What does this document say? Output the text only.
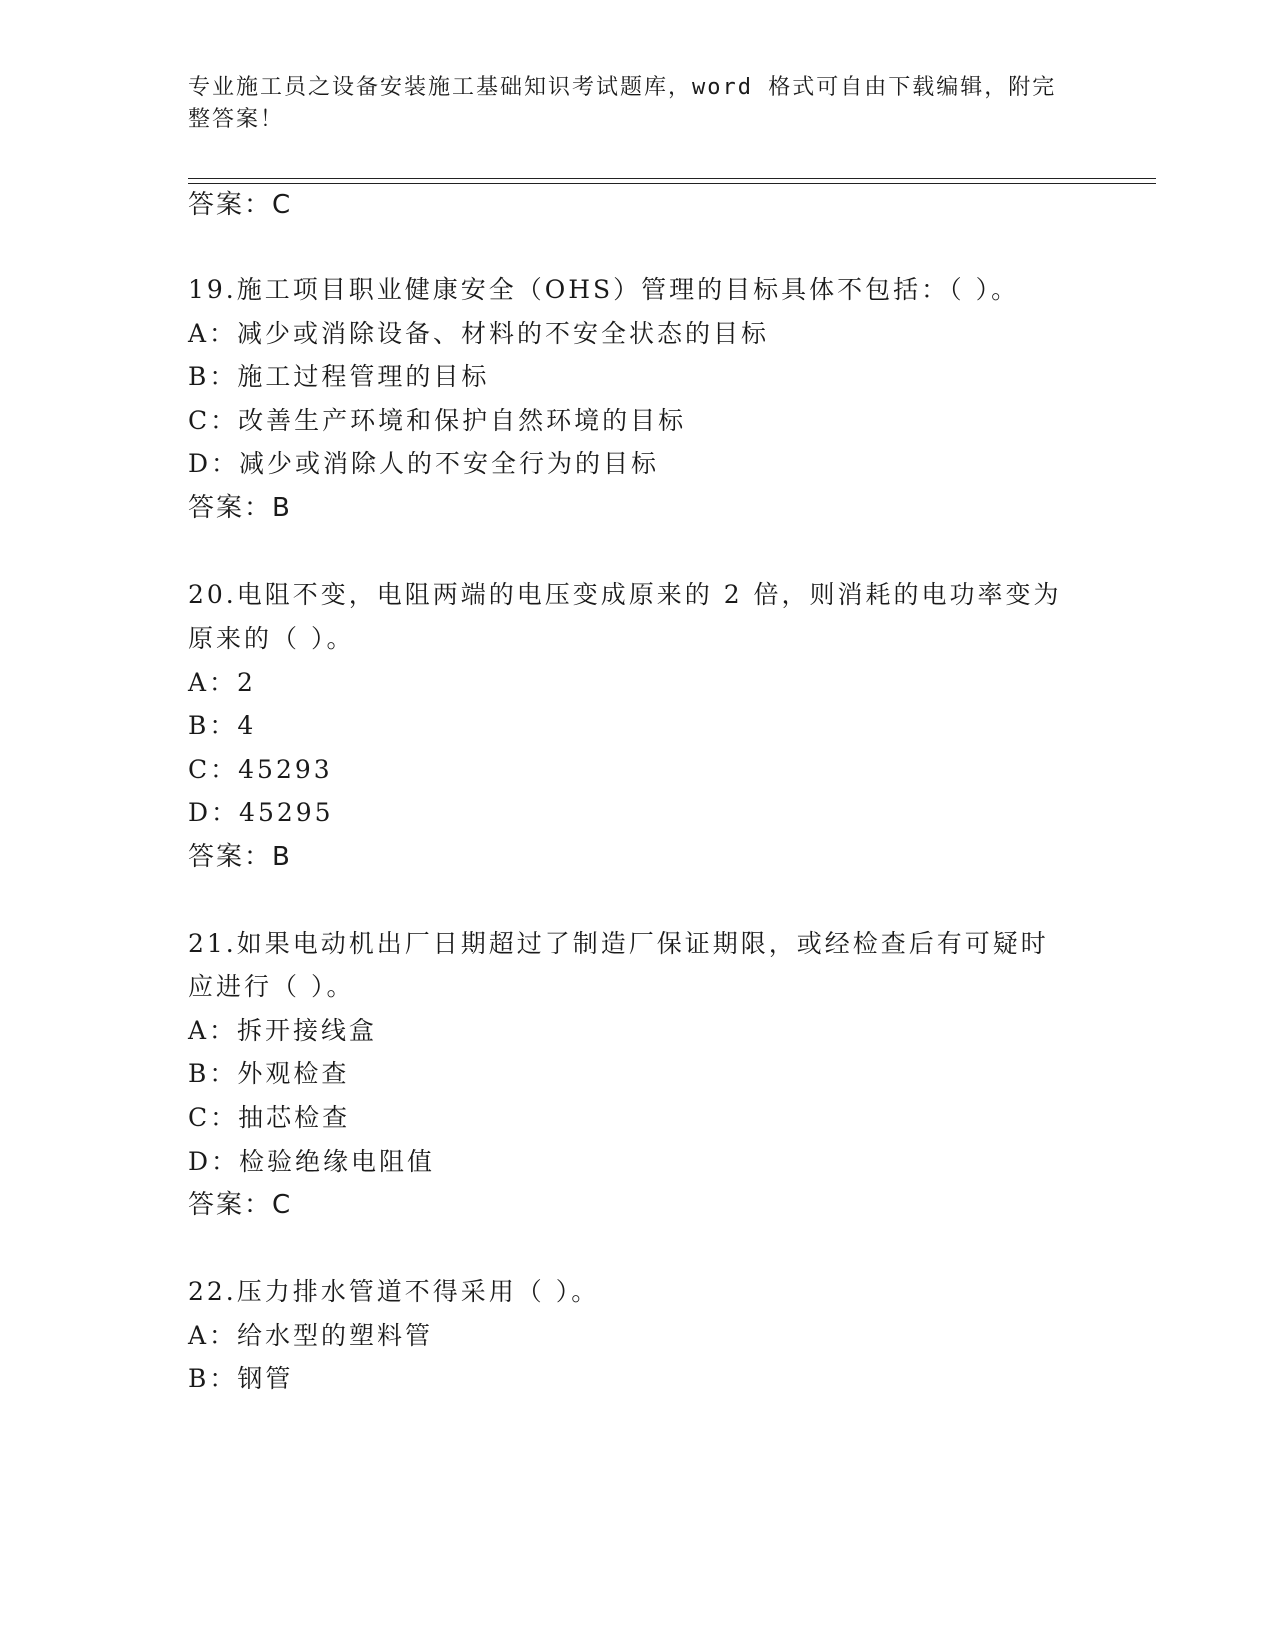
专业施工员之设备安装施工基础知识考试题库，word 格式可自由下载编辑，附完
整答案！
答案：C
19.施工项目职业健康安全（OHS）管理的目标具体不包括：（ ）。
A：减少或消除设备、材料的不安全状态的目标
B：施工过程管理的目标
C：改善生产环境和保护自然环境的目标
D：减少或消除人的不安全行为的目标
答案：B
20.电阻不变，电阻两端的电压变成原来的 2 倍，则消耗的电功率变为
原来的（ ）。
A：2
B：4
C：45293
D：45295
答案：B
21.如果电动机出厂日期超过了制造厂保证期限，或经检查后有可疑时
应进行（ ）。
A：拆开接线盒
B：外观检查
C：抽芯检查
D：检验绝缘电阻值
答案：C
22.压力排水管道不得采用（ ）。
A：给水型的塑料管
B：钢管
